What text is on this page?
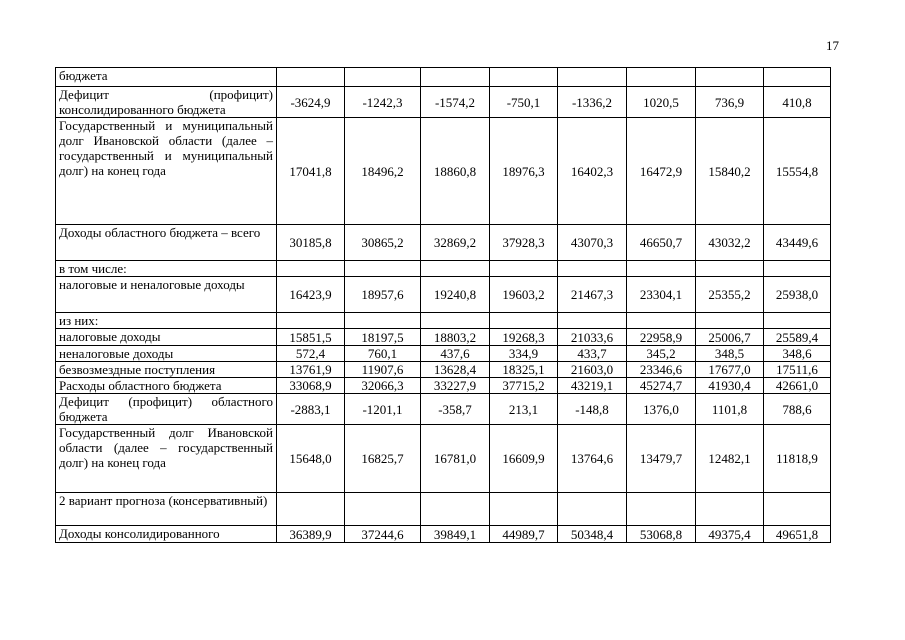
17
бюджета								
Дефицит (профицит) консолидированного бюджета	-3624,9	-1242,3	-1574,2	-750,1	-1336,2	1020,5	736,9	410,8
Государственный и муниципальный долг Ивановской области (далее – государственный и муниципальный долг) на конец года	17041,8	18496,2	18860,8	18976,3	16402,3	16472,9	15840,2	15554,8
Доходы областного бюджета – всего	30185,8	30865,2	32869,2	37928,3	43070,3	46650,7	43032,2	43449,6
в том числе:								
налоговые и неналоговые доходы	16423,9	18957,6	19240,8	19603,2	21467,3	23304,1	25355,2	25938,0
из них:								
налоговые доходы	15851,5	18197,5	18803,2	19268,3	21033,6	22958,9	25006,7	25589,4
неналоговые доходы	572,4	760,1	437,6	334,9	433,7	345,2	348,5	348,6
безвозмездные поступления	13761,9	11907,6	13628,4	18325,1	21603,0	23346,6	17677,0	17511,6
Расходы областного бюджета	33068,9	32066,3	33227,9	37715,2	43219,1	45274,7	41930,4	42661,0
Дефицит (профицит) областного бюджета	-2883,1	-1201,1	-358,7	213,1	-148,8	1376,0	1101,8	788,6
Государственный долг Ивановской области (далее – государственный долг) на конец года	15648,0	16825,7	16781,0	16609,9	13764,6	13479,7	12482,1	11818,9
2 вариант прогноза (консервативный)								
Доходы консолидированного	36389,9	37244,6	39849,1	44989,7	50348,4	53068,8	49375,4	49651,8
